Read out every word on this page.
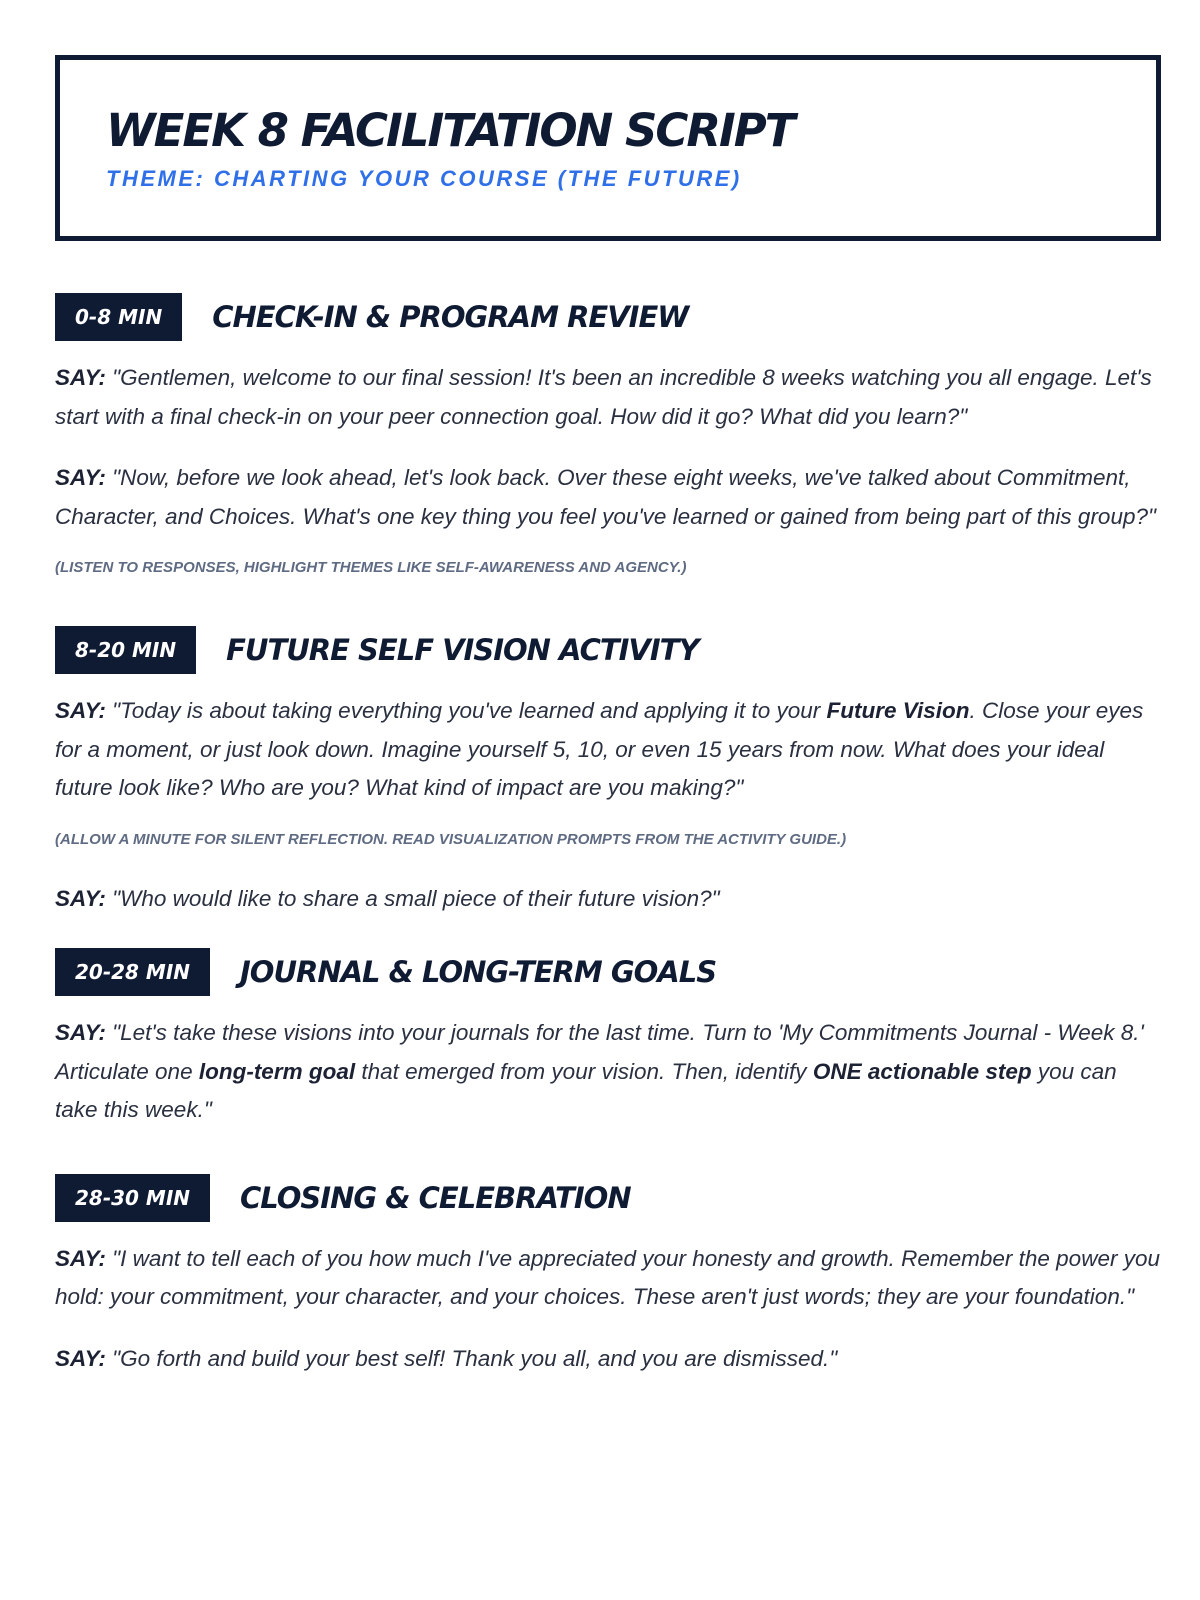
WEEK 8 FACILITATION SCRIPT
THEME: CHARTING YOUR COURSE (THE FUTURE)
0-8 MIN	CHECK-IN & PROGRAM REVIEW

SAY: "Gentlemen, welcome to our final session! It's been an incredible 8 weeks watching you all engage. Let's start with a final check-in on your peer connection goal. How did it go? What did you learn?"

SAY: "Now, before we look ahead, let's look back. Over these eight weeks, we've talked about Commitment, Character, and Choices. What's one key thing you feel you've learned or gained from being part of this group?"

(LISTEN TO RESPONSES, HIGHLIGHT THEMES LIKE SELF-AWARENESS AND AGENCY.)
8-20 MIN	FUTURE SELF VISION ACTIVITY

SAY: "Today is about taking everything you've learned and applying it to your Future Vision. Close your eyes for a moment, or just look down. Imagine yourself 5, 10, or even 15 years from now. What does your ideal future look like? Who are you? What kind of impact are you making?"

(ALLOW A MINUTE FOR SILENT REFLECTION. READ VISUALIZATION PROMPTS FROM THE ACTIVITY GUIDE.)

SAY: "Who would like to share a small piece of their future vision?"

20-28 MIN	JOURNAL & LONG-TERM GOALS

SAY: "Let's take these visions into your journals for the last time. Turn to 'My Commitments Journal - Week 8.' Articulate one long-term goal that emerged from your vision. Then, identify ONE actionable step you can take this week."

28-30 MIN	CLOSING & CELEBRATION

SAY: "I want to tell each of you how much I've appreciated your honesty and growth. Remember the power you hold: your commitment, your character, and your choices. These aren't just words; they are your foundation."

SAY: "Go forth and build your best self! Thank you all, and you are dismissed."
